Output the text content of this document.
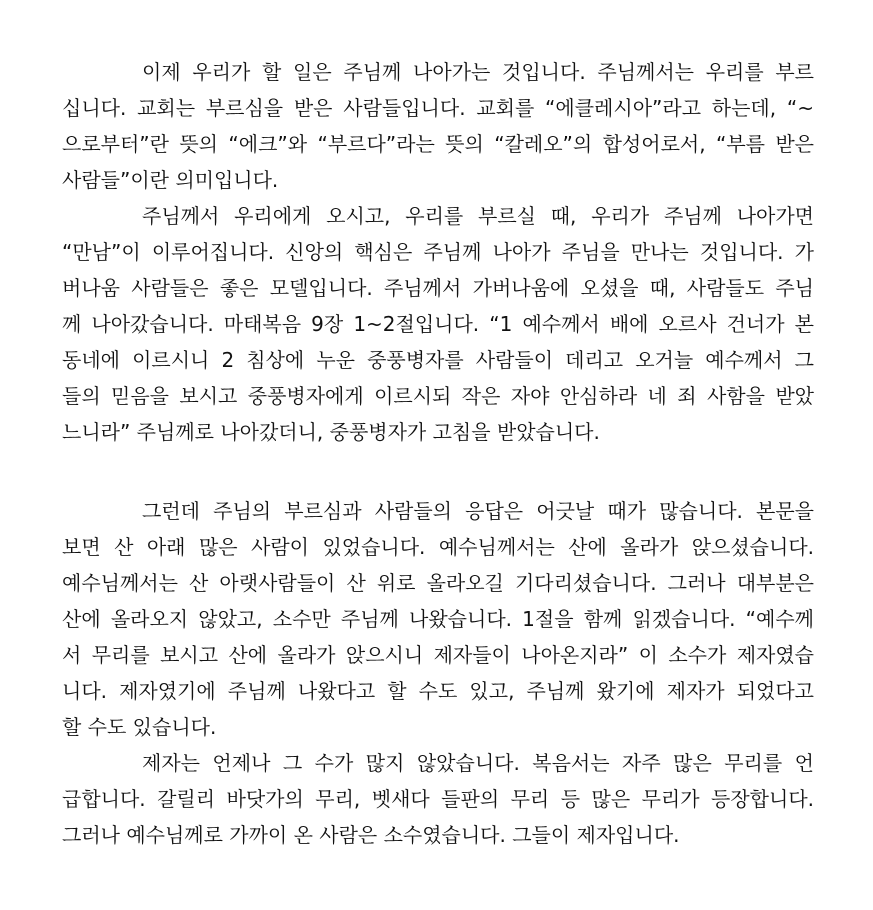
이제 우리가 할 일은 주님께 나아가는 것입니다. 주님께서는 우리를 부르
십니다. 교회는 부르심을 받은 사람들입니다. 교회를 “에클레시아”라고 하는데, “~
으로부터”란 뜻의 “에크”와 “부르다”라는 뜻의 “칼레오”의 합성어로서, “부름 받은
사람들”이란 의미입니다.
주님께서 우리에게 오시고, 우리를 부르실 때, 우리가 주님께 나아가면
“만남”이 이루어집니다. 신앙의 핵심은 주님께 나아가 주님을 만나는 것입니다. 가
버나움 사람들은 좋은 모델입니다. 주님께서 가버나움에 오셨을 때, 사람들도 주님
께 나아갔습니다. 마태복음 9장 1~2절입니다. “1 예수께서 배에 오르사 건너가 본
동네에 이르시니 2 침상에 누운 중풍병자를 사람들이 데리고 오거늘 예수께서 그
들의 믿음을 보시고 중풍병자에게 이르시되 작은 자야 안심하라 네 죄 사함을 받았
느니라” 주님께로 나아갔더니, 중풍병자가 고침을 받았습니다.
그런데 주님의 부르심과 사람들의 응답은 어긋날 때가 많습니다. 본문을
보면 산 아래 많은 사람이 있었습니다. 예수님께서는 산에 올라가 앉으셨습니다.
예수님께서는 산 아랫사람들이 산 위로 올라오길 기다리셨습니다. 그러나 대부분은
산에 올라오지 않았고, 소수만 주님께 나왔습니다. 1절을 함께 읽겠습니다. “예수께
서 무리를 보시고 산에 올라가 앉으시니 제자들이 나아온지라” 이 소수가 제자였습
니다. 제자였기에 주님께 나왔다고 할 수도 있고, 주님께 왔기에 제자가 되었다고
할 수도 있습니다.
제자는 언제나 그 수가 많지 않았습니다. 복음서는 자주 많은 무리를 언
급합니다. 갈릴리 바닷가의 무리, 벳새다 들판의 무리 등 많은 무리가 등장합니다.
그러나 예수님께로 가까이 온 사람은 소수였습니다. 그들이 제자입니다.
